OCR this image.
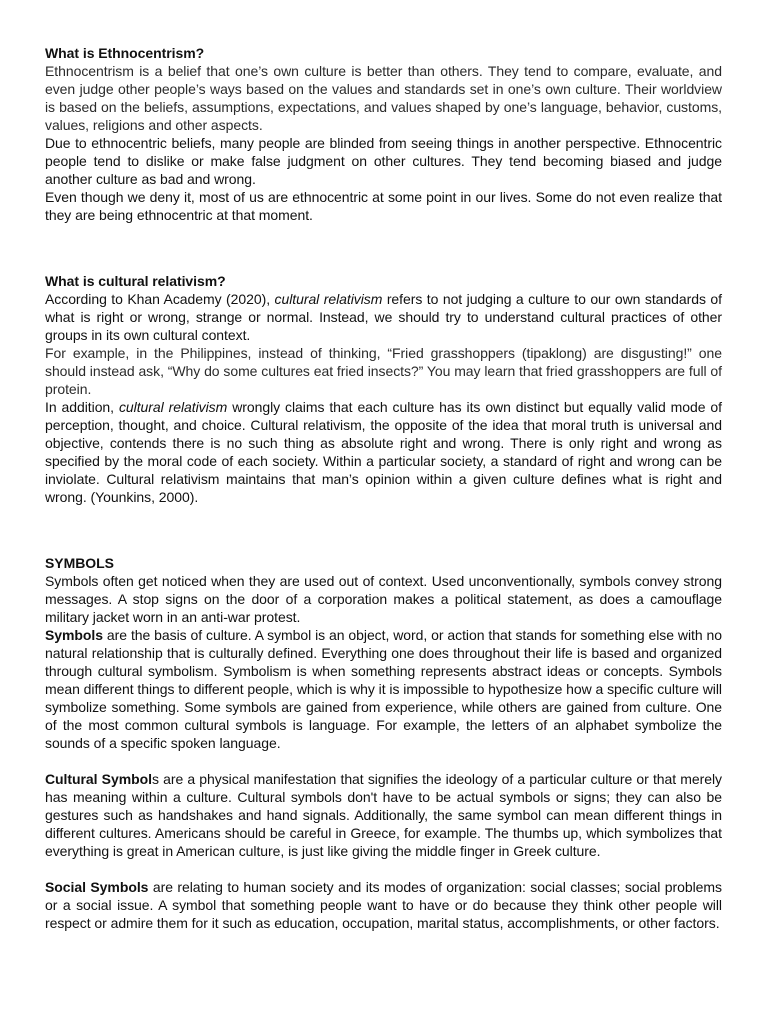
What is Ethnocentrism?

Ethnocentrism is a belief that one’s own culture is better than others. They tend to compare, evaluate, and even judge other people’s ways based on the values and standards set in one’s own culture. Their worldview is based on the beliefs, assumptions, expectations, and values shaped by one’s language, behavior, customs, values, religions and other aspects.

Due to ethnocentric beliefs, many people are blinded from seeing things in another perspective. Ethnocentric people tend to dislike or make false judgment on other cultures. They tend becoming biased and judge another culture as bad and wrong.

Even though we deny it, most of us are ethnocentric at some point in our lives. Some do not even realize that they are being ethnocentric at that moment.

What is cultural relativism?

According to Khan Academy (2020), cultural relativism refers to not judging a culture to our own standards of what is right or wrong, strange or normal. Instead, we should try to understand cultural practices of other groups in its own cultural context.

For example, in the Philippines, instead of thinking, “Fried grasshoppers (tipaklong) are disgusting!” one should instead ask, “Why do some cultures eat fried insects?” You may learn that fried grasshoppers are full of protein.

In addition, cultural relativism wrongly claims that each culture has its own distinct but equally valid mode of perception, thought, and choice. Cultural relativism, the opposite of the idea that moral truth is universal and objective, contends there is no such thing as absolute right and wrong. There is only right and wrong as specified by the moral code of each society. Within a particular society, a standard of right and wrong can be inviolate. Cultural relativism maintains that man’s opinion within a given culture defines what is right and wrong. (Younkins, 2000).

SYMBOLS

Symbols often get noticed when they are used out of context. Used unconventionally, symbols convey strong messages. A stop signs on the door of a corporation makes a political statement, as does a camouflage military jacket worn in an anti-war protest.

Symbols are the basis of culture. A symbol is an object, word, or action that stands for something else with no natural relationship that is culturally defined. Everything one does throughout their life is based and organized through cultural symbolism. Symbolism is when something represents abstract ideas or concepts. Symbols mean different things to different people, which is why it is impossible to hypothesize how a specific culture will symbolize something. Some symbols are gained from experience, while others are gained from culture. One of the most common cultural symbols is language. For example, the letters of an alphabet symbolize the sounds of a specific spoken language.

Cultural Symbols are a physical manifestation that signifies the ideology of a particular culture or that merely has meaning within a culture. Cultural symbols don't have to be actual symbols or signs; they can also be gestures such as handshakes and hand signals. Additionally, the same symbol can mean different things in different cultures. Americans should be careful in Greece, for example. The thumbs up, which symbolizes that everything is great in American culture, is just like giving the middle finger in Greek culture.

Social Symbols are relating to human society and its modes of organization: social classes; social problems or a social issue. A symbol that something people want to have or do because they think other people will respect or admire them for it such as education, occupation, marital status, accomplishments, or other factors.
